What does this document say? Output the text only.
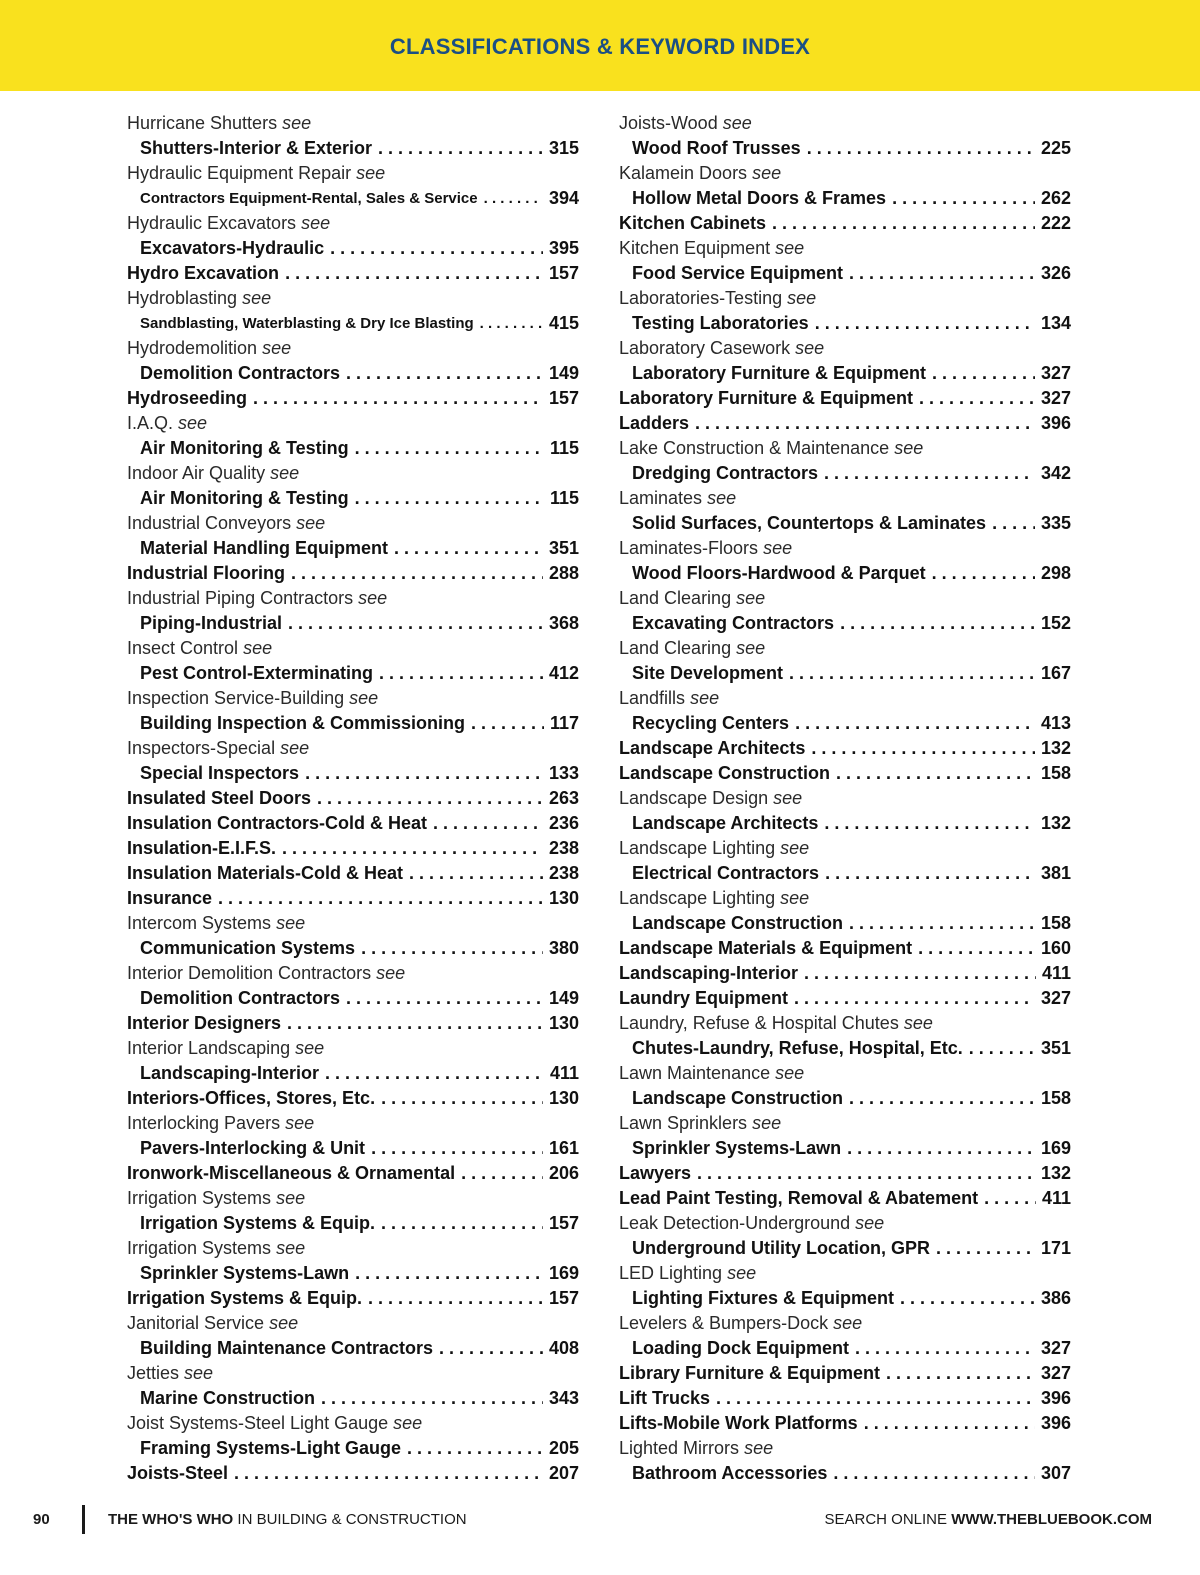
CLASSIFICATIONS & KEYWORD INDEX
Hurricane Shutters see
Shutters-Interior & Exterior . . .	315
Hydraulic Equipment Repair see
Contractors Equipment-Rental, Sales & Service . . .	394
Hydraulic Excavators see
Excavators-Hydraulic . . .	395
Hydro Excavation . . .	157
Hydroblasting see
Sandblasting, Waterblasting & Dry Ice Blasting . . .	415
Hydrodemolition see
Demolition Contractors . . .	149
Hydroseeding . . .	157
I.A.Q. see
Air Monitoring & Testing . . .	115
Indoor Air Quality see
Air Monitoring & Testing . . .	115
Industrial Conveyors see
Material Handling Equipment . . .	351
Industrial Flooring . . .	288
Industrial Piping Contractors see
Piping-Industrial . . .	368
Insect Control see
Pest Control-Exterminating . . .	412
Inspection Service-Building see
Building Inspection & Commissioning . . .	117
Inspectors-Special see
Special Inspectors . . .	133
Insulated Steel Doors . . .	263
Insulation Contractors-Cold & Heat . . .	236
Insulation-E.I.F.S. . . .	238
Insulation Materials-Cold & Heat . . .	238
Insurance . . .	130
Intercom Systems see
Communication Systems . . .	380
Interior Demolition Contractors see
Demolition Contractors . . .	149
Interior Designers . . .	130
Interior Landscaping see
Landscaping-Interior . . .	411
Interiors-Offices, Stores, Etc. . . .	130
Interlocking Pavers see
Pavers-Interlocking & Unit . . .	161
Ironwork-Miscellaneous & Ornamental . . .	206
Irrigation Systems see
Irrigation Systems & Equip. . . .	157
Irrigation Systems see
Sprinkler Systems-Lawn . . .	169
Irrigation Systems & Equip. . . .	157
Janitorial Service see
Building Maintenance Contractors . . .	408
Jetties see
Marine Construction . . .	343
Joist Systems-Steel Light Gauge see
Framing Systems-Light Gauge . . .	205
Joists-Steel . . .	207
Joists-Wood see
Wood Roof Trusses . . .	225
Kalamein Doors see
Hollow Metal Doors & Frames . . .	262
Kitchen Cabinets . . .	222
Kitchen Equipment see
Food Service Equipment . . .	326
Laboratories-Testing see
Testing Laboratories . . .	134
Laboratory Casework see
Laboratory Furniture & Equipment . . .	327
Laboratory Furniture & Equipment . . .	327
Ladders . . .	396
Lake Construction & Maintenance see
Dredging Contractors . . .	342
Laminates see
Solid Surfaces, Countertops & Laminates . . .	335
Laminates-Floors see
Wood Floors-Hardwood & Parquet . . .	298
Land Clearing see
Excavating Contractors . . .	152
Land Clearing see
Site Development . . .	167
Landfills see
Recycling Centers . . .	413
Landscape Architects . . .	132
Landscape Construction . . .	158
Landscape Design see
Landscape Architects . . .	132
Landscape Lighting see
Electrical Contractors . . .	381
Landscape Lighting see
Landscape Construction . . .	158
Landscape Materials & Equipment . . .	160
Landscaping-Interior . . .	411
Laundry Equipment . . .	327
Laundry, Refuse & Hospital Chutes see
Chutes-Laundry, Refuse, Hospital, Etc. . . .	351
Lawn Maintenance see
Landscape Construction . . .	158
Lawn Sprinklers see
Sprinkler Systems-Lawn . . .	169
Lawyers . . .	132
Lead Paint Testing, Removal & Abatement . . .	411
Leak Detection-Underground see
Underground Utility Location, GPR . . .	171
LED Lighting see
Lighting Fixtures & Equipment . . .	386
Levelers & Bumpers-Dock see
Loading Dock Equipment . . .	327
Library Furniture & Equipment . . .	327
Lift Trucks . . .	396
Lifts-Mobile Work Platforms . . .	396
Lighted Mirrors see
Bathroom Accessories . . .	307
90	THE WHO'S WHO IN BUILDING & CONSTRUCTION	SEARCH ONLINE WWW.THEBLUEBOOK.COM
